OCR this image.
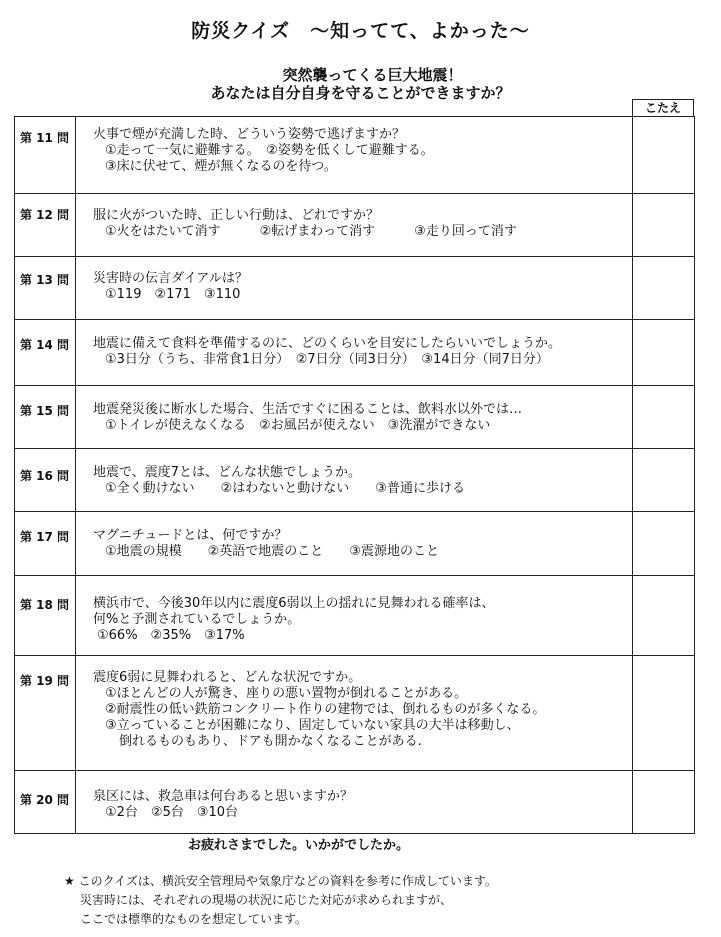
防災クイズ　〜知ってて、よかった〜
突然襲ってくる巨大地震！
あなたは自分自身を守ることができますか？
こたえ
第 11 問 火事で煙が充満した時、どういう姿勢で逃げますか？
①走って一気に避難する。　②姿勢を低くして避難する。
③床に伏せて、煙が無くなるのを待つ。
第 12 問 服に火がついた時、正しい行動は、どれですか？
①火をはたいて消す　　　②転げまわって消す　　　③走り回って消す
第 13 問 災害時の伝言ダイアルは？
①119　②171　③110
第 14 問 地震に備えて食料を準備するのに、どのくらいを目安にしたらいいでしょうか。
①3日分（うち、非常食1日分）　②7日分（同3日分）　③14日分（同7日分）
第 15 問 地震発災後に断水した場合、生活ですぐに困ることは、飲料水以外では…
①トイレが使えなくなる　②お風呂が使えない　③洗濯ができない
第 16 問 地震で、震度7とは、どんな状態でしょうか。
①全く動けない　　②はわないと動けない　　③普通に歩ける
第 17 問 マグニチュードとは、何ですか？
①地震の規模　　②英語で地震のこと　　③震源地のこと
第 18 問 横浜市で、今後30年以内に震度6弱以上の揺れに見舞われる確率は、
何%と予測されているでしょうか。
①66%　②35%　③17%
第 19 問 震度6弱に見舞われると、どんな状況ですか。
①ほとんどの人が驚き、座りの悪い置物が倒れることがある。
②耐震性の低い鉄筋コンクリート作りの建物では、倒れるものが多くなる。
③立っていることが困難になり、固定していない家具の大半は移動し、
倒れるものもあり、ドアも開かなくなることがある.
第 20 問 泉区には、救急車は何台あると思いますか？
①2台　②5台　③10台
お疲れさまでした。いかがでしたか。
★ このクイズは、横浜安全管理局や気象庁などの資料を参考に作成しています。
災害時には、それぞれの現場の状況に応じた対応が求められますが、
ここでは標準的なものを想定しています。
